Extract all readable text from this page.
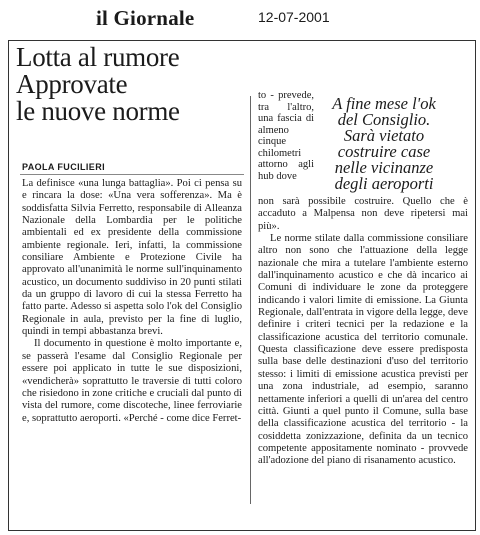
il Giornale	12-07-2001
Lotta al rumore
Approvate
le nuove norme
PAOLA FUCILIERI
A fine mese l'ok
del Consiglio.
Sarà vietato
costruire case
nelle vicinanze
degli aeroporti

La definisce «una lunga battaglia». Poi ci pensa su e rincara la dose: «Una vera sofferenza». Ma è soddisfatta Silvia Ferretto, responsabile di Alleanza Nazionale della Lombardia per le politiche ambientali ed ex presidente della commissione ambiente regionale. Ieri, infatti, la commissione consiliare Ambiente e Protezione Civile ha approvato all'unanimità le norme sull'inquinamento acustico, un documento suddiviso in 20 punti stilati da un gruppo di lavoro di cui la stessa Ferretto ha fatto parte. Adesso si aspetta solo l'ok del Consiglio Regionale in aula, previsto per la fine di luglio, quindi in tempi abbastanza brevi.

Il documento in questione è molto importante e, se passerà l'esame dal Consiglio Regionale per essere poi applicato in tutte le sue disposizioni, «vendicherà» soprattutto le traversie di tutti coloro che risiedono in zone critiche e cruciali dal punto di vista del rumore, come discoteche, linee ferroviarie e, soprattutto aeroporti. «Perché - come dice Ferret-

to - prevede, tra l'altro, una fascia di almeno cinque chilometri attorno agli hub dove

non sarà possibile costruire. Quello che è accaduto a Malpensa non deve ripetersi mai più».

Le norme stilate dalla commissione consiliare altro non sono che l'attuazione della legge nazionale che mira a tutelare l'ambiente esterno dall'inquinamento acustico e che dà incarico ai Comuni di individuare le zone da proteggere indicando i valori limite di emissione. La Giunta Regionale, dall'entrata in vigore della legge, deve definire i criteri tecnici per la redazione e la classificazione acustica del territorio comunale. Questa classificazione deve essere predisposta sulla base delle destinazioni d'uso del territorio stesso: i limiti di emissione acustica previsti per una zona industriale, ad esempio, saranno nettamente inferiori a quelli di un'area del centro città. Giunti a quel punto il Comune, sulla base della classificazione acustica del territorio - la cosiddetta zonizzazione, definita da un tecnico competente appositamente nominato - provvede all'adozione del piano di risanamento acustico.
